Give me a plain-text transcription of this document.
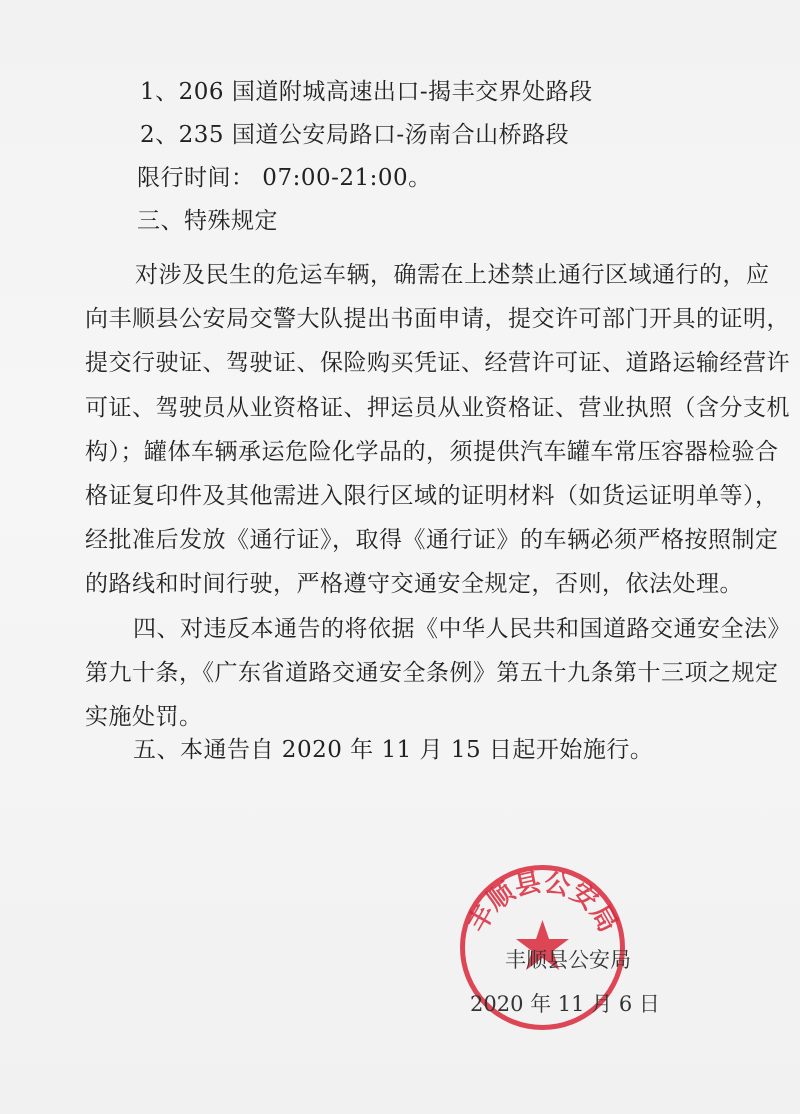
1、206 国道附城高速出口-揭丰交界处路段
2、235 国道公安局路口-汤南合山桥路段
限行时间： 07:00-21:00。
三、特殊规定
对涉及民生的危运车辆，确需在上述禁止通行区域通行的，应
向丰顺县公安局交警大队提出书面申请，提交许可部门开具的证明，
提交行驶证、驾驶证、保险购买凭证、经营许可证、道路运输经营许
可证、驾驶员从业资格证、押运员从业资格证、营业执照（含分支机
构）；罐体车辆承运危险化学品的，须提供汽车罐车常压容器检验合
格证复印件及其他需进入限行区域的证明材料（如货运证明单等），
经批准后发放《通行证》，取得《通行证》的车辆必须严格按照制定
的路线和时间行驶，严格遵守交通安全规定，否则，依法处理。
四、对违反本通告的将依据《中华人民共和国道路交通安全法》
第九十条，《广东省道路交通安全条例》第五十九条第十三项之规定
实施处罚。
五、本通告自 2020 年 11 月 15 日起开始施行。
丰顺县公安局
丰顺县公安局
2020 年 11 月 6 日
